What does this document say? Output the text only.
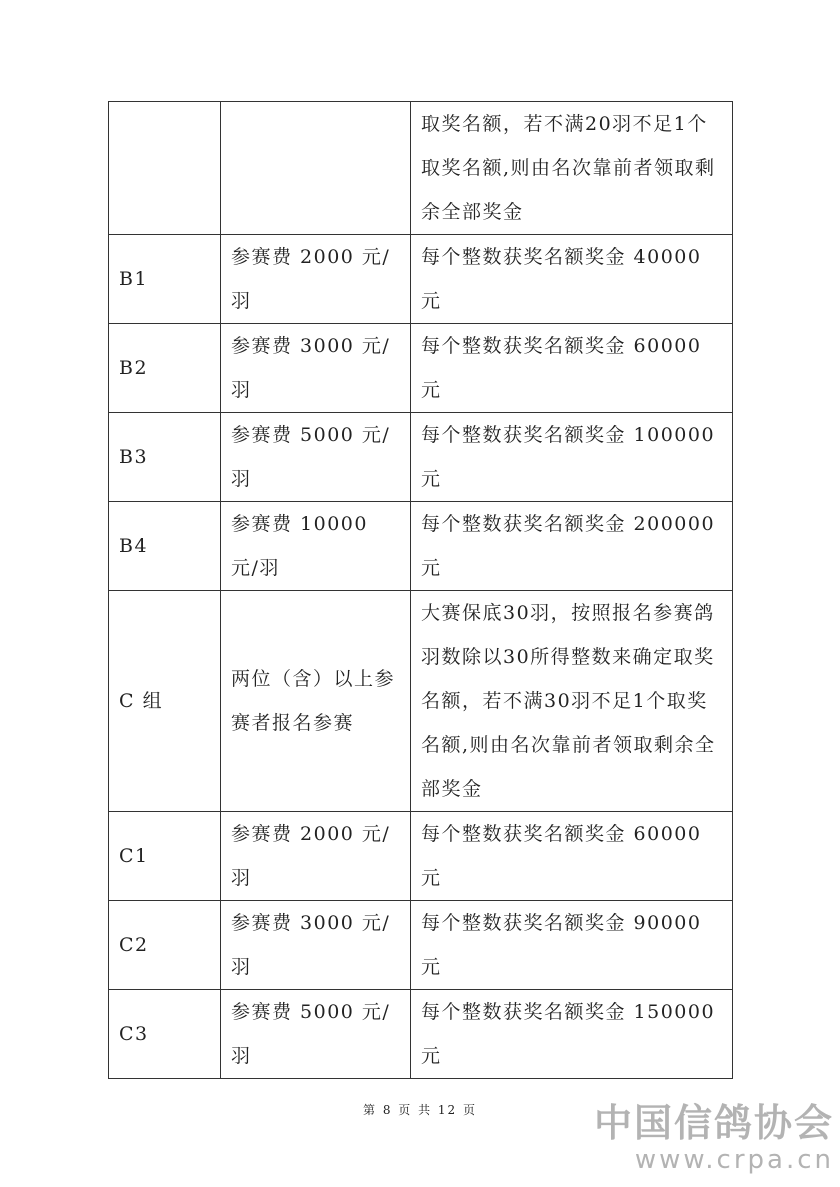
		取奖名额，若不满20羽不足1个取奖名额,则由名次靠前者领取剩余全部奖金
B1	参赛费 2000 元/羽	每个整数获奖名额奖金 40000 元
B2	参赛费 3000 元/羽	每个整数获奖名额奖金 60000 元
B3	参赛费 5000 元/羽	每个整数获奖名额奖金 100000 元
B4	参赛费 10000 元/羽	每个整数获奖名额奖金 200000 元
C 组	两位（含）以上参赛者报名参赛	大赛保底30羽，按照报名参赛鸽羽数除以30所得整数来确定取奖名额，若不满30羽不足1个取奖名额,则由名次靠前者领取剩余全部奖金
C1	参赛费 2000 元/羽	每个整数获奖名额奖金 60000 元
C2	参赛费 3000 元/羽	每个整数获奖名额奖金 90000 元
C3	参赛费 5000 元/羽	每个整数获奖名额奖金 150000 元
第 8 页 共 12 页	中国信鸽协会
www.crpa.cn
